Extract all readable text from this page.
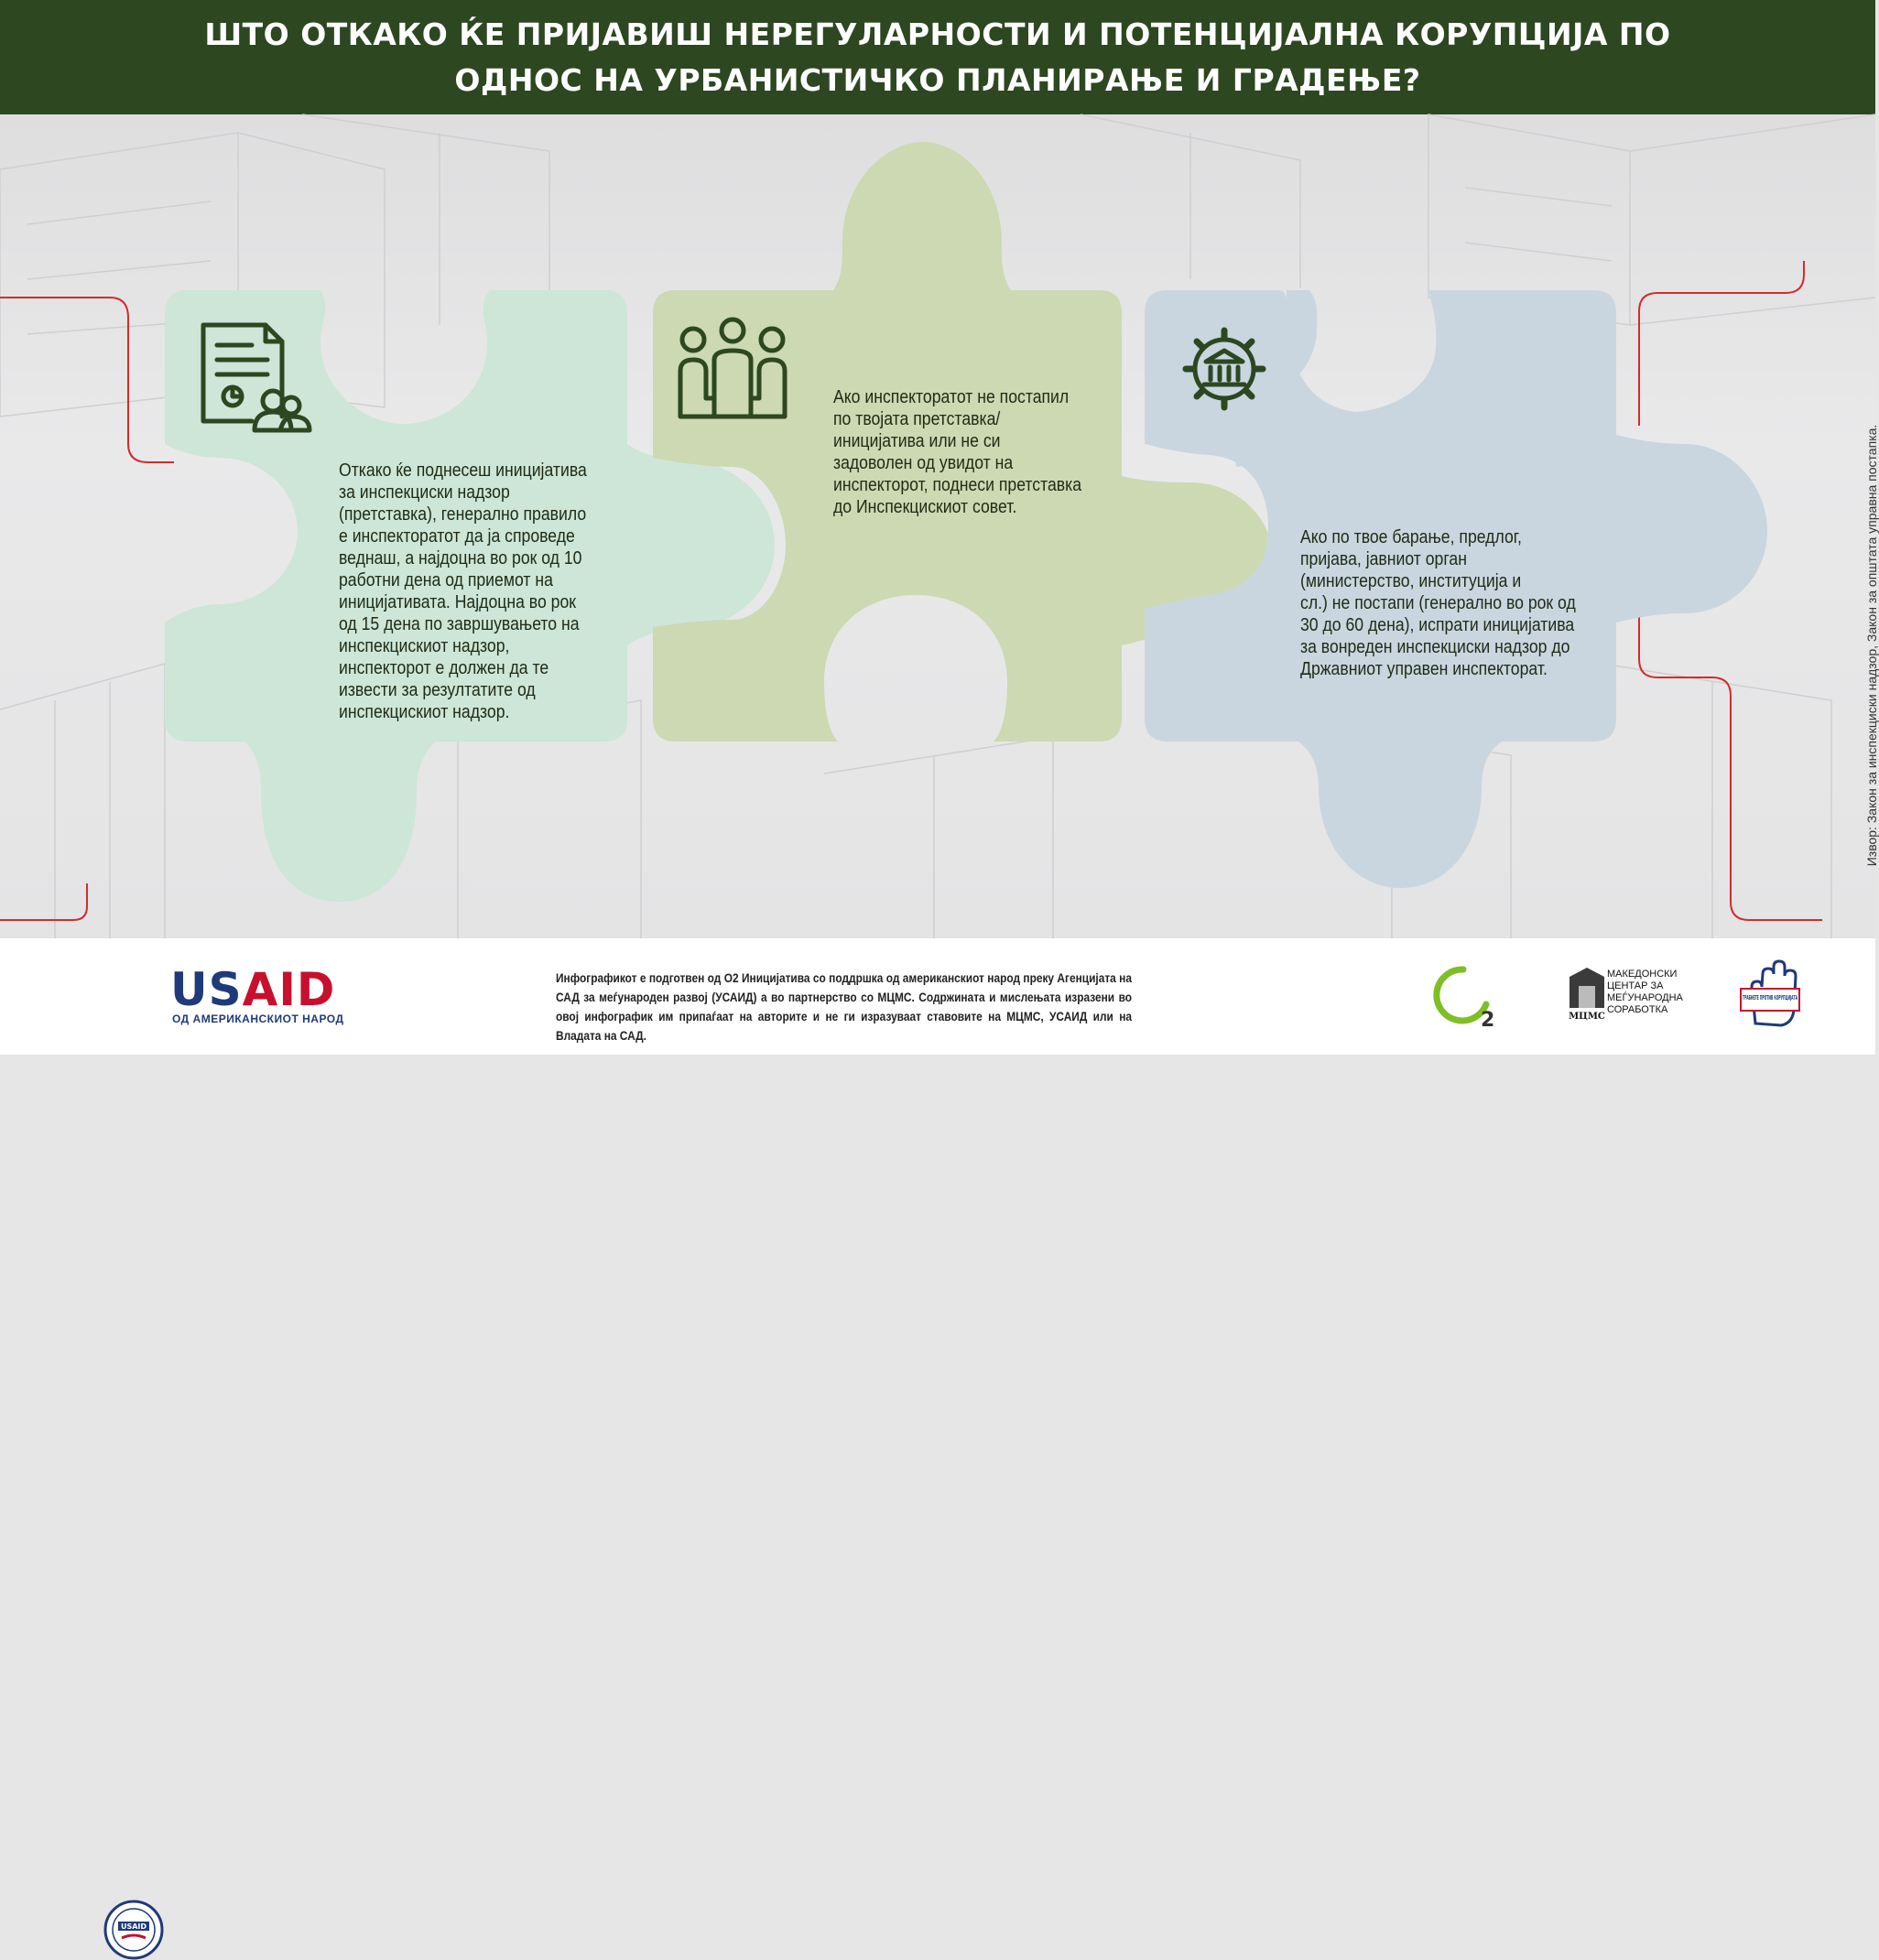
ШТО ОТКАКО ЌЕ ПРИЈАВИШ НЕРЕГУЛАРНОСТИ И ПОТЕНЦИЈАЛНА КОРУПЦИЈА ПО
ОДНОС НА УРБАНИСТИЧКО ПЛАНИРАЊЕ И ГРАДЕЊЕ?

Откако ќе поднесеш иницијатива
за инспекциски надзор
(претставка), генерално правило
е инспекторатот да ја спроведе
веднаш, а најдоцна во рок од 10
работни дена од приемот на
иницијативата. Најдоцна во рок
од 15 дена по завршувањето на
инспекцискиот надзор,
инспекторот е должен да те
извести за резултатите од
инспекцискиот надзор.

Ако инспекторатот не постапил
по твојата претставка/
иницијатива или не си
задоволен од увидот на
инспекторот, поднеси претставка
до Инспекцискиот совет.

Ако по твое барање, предлог,
пријава, јавниот орган
(министерство, институција и
сл.) не постапи (генерално во рок од
30 до 60 дена), испрати иницијатива
за вонреден инспекциски надзор до
Државниот управен инспекторат.	Извор: Закон за инспекциски надзор, Закон за општата управна постапка.
USAID
USAID
ОД АМЕРИКАНСКИОТ НАРОД
Инфографикот е подготвен од О2 Иницијатива со поддршка од американскиот народ преку Агенцијата на САД за меѓународен развој (УСАИД) а во партнерство со МЦМС. Содржината и мислењата изразени во овој инфографик им припаѓаат на авторите и не ги изразуваат ставовите на МЦМС, УСАИД или на Владата на САД.
2	МЦМС
МАКЕДОНСКИ
ЦЕНТАР ЗА
МЕЃУНАРОДНА
СОРАБОТКА
ГРАБНЕТЕ ПРОТИВ КОРУПЦИЈАТА
